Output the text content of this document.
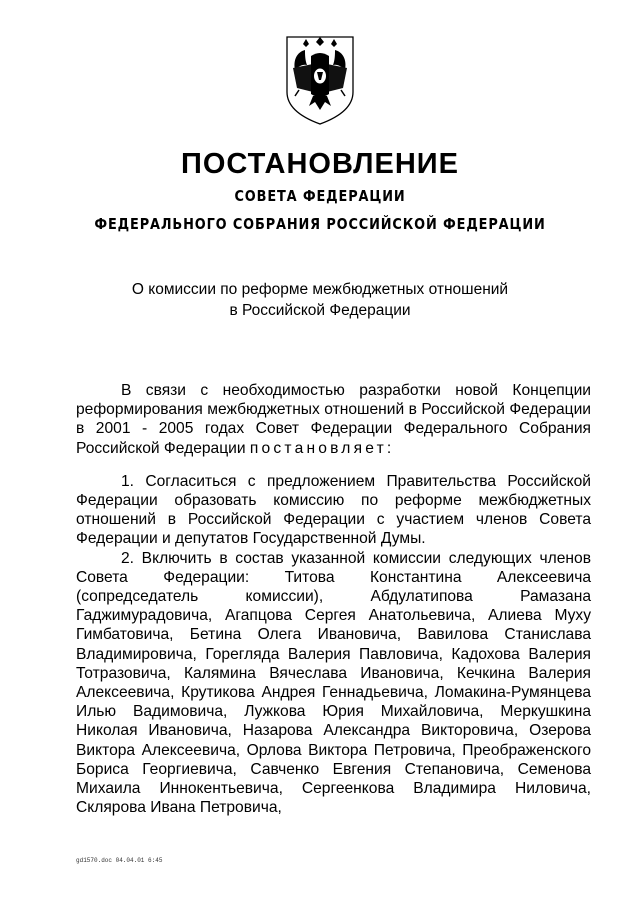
ПОСТАНОВЛЕНИЕ
СОВЕТА ФЕДЕРАЦИИ
ФЕДЕРАЛЬНОГО СОБРАНИЯ РОССИЙСКОЙ ФЕДЕРАЦИИ
О комиссии по реформе межбюджетных отношений
в Российской Федерации

В связи с необходимостью разработки новой Концепции реформирования межбюджетных отношений в Российской Федерации в 2001 - 2005 годах Совет Федерации Федерального Собрания Российской Федерации постановляет:

1. Согласиться с предложением Правительства Российской Федерации образовать комиссию по реформе межбюджетных отношений в Российской Федерации с участием членов Совета Федерации и депутатов Государственной Думы.

2. Включить в состав указанной комиссии следующих членов Совета Федерации: Титова Константина Алексеевича (сопредседатель комиссии), Абдулатипова Рамазана Гаджимурадовича, Агапцова Сергея Анатольевича, Алиева Муху Гимбатовича, Бетина Олега Ивановича, Вавилова Станислава Владимировича, Горегляда Валерия Павловича, Кадохова Валерия Тотразовича, Калямина Вячеслава Ивановича, Кечкина Валерия Алексеевича, Крутикова Андрея Геннадьевича, Ломакина-Румянцева Илью Вадимовича, Лужкова Юрия Михайловича, Меркушкина Николая Ивановича, Назарова Александра Викторовича, Озерова Виктора Алексеевича, Орлова Виктора Петровича, Преображенского Бориса Георгиевича, Савченко Евгения Степановича, Семенова Михаила Иннокентьевича, Сергеенкова Владимира Ниловича, Склярова Ивана Петровича,

gd1570.doc 04.04.01 6:45
